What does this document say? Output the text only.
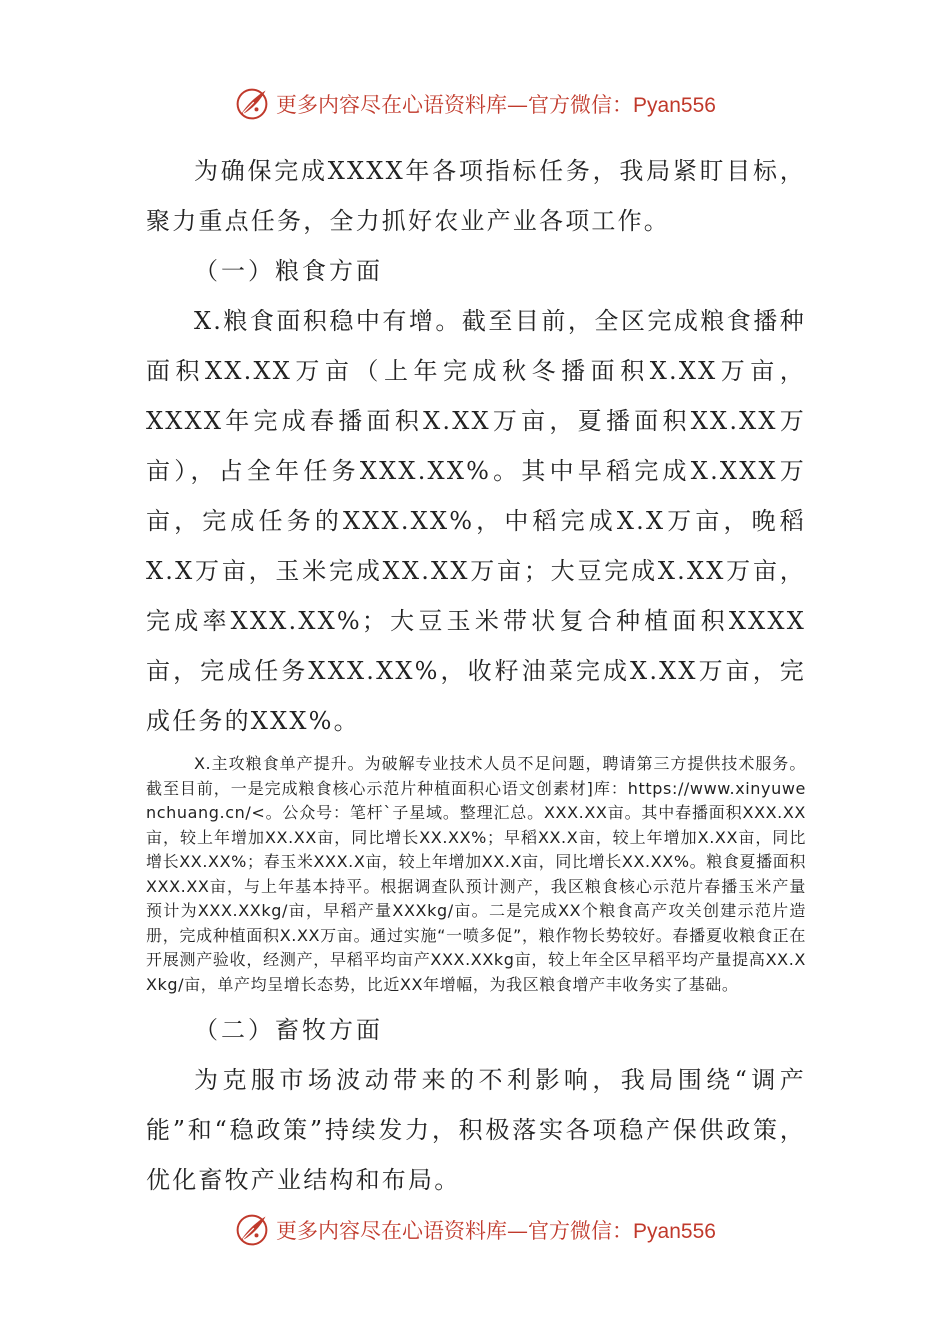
更多内容尽在心语资料库—官方微信：Pyan556

为确保完成XXXX年各项指标任务，我局紧盯目标，聚力重点任务，全力抓好农业产业各项工作。

（一）粮食方面

X.粮食面积稳中有增。截至目前，全区完成粮食播种面积XX.XX万亩（上年完成秋冬播面积X.XX万亩，XXXX年完成春播面积X.XX万亩，夏播面积XX.XX万亩），占全年任务XXX.XX%。其中早稻完成X.XXX万亩，完成任务的XXX.XX%，中稻完成X.X万亩，晚稻X.X万亩，玉米完成XX.XX万亩；大豆完成X.XX万亩，完成率XXX.XX%；大豆玉米带状复合种植面积XXXX亩，完成任务XXX.XX%，收籽油菜完成X.XX万亩，完成任务的XXX%。

X.主攻粮食单产提升。为破解专业技术人员不足问题，聘请第三方提供技术服务。截至目前，一是完成粮食核心示范片种植面积心语文创素材]库：https://www.xinyuwenchuang.cn/<。公众号：笔杆`子星域。整理汇总。XXX.XX亩。其中春播面积XXX.XX亩，较上年增加XX.XX亩，同比增长XX.XX%；早稻XX.X亩，较上年增加X.XX亩，同比增长XX.XX%；春玉米XXX.X亩，较上年增加XX.X亩，同比增长XX.XX%。粮食夏播面积XXX.XX亩，与上年基本持平。根据调查队预计测产，我区粮食核心示范片春播玉米产量预计为XXX.XXkg/亩，早稻产量XXXkg/亩。二是完成XX个粮食高产攻关创建示范片造册，完成种植面积X.XX万亩。通过实施“一喷多促”，粮作物长势较好。春播夏收粮食正在开展测产验收，经测产，早稻平均亩产XXX.XXkg亩，较上年全区早稻平均产量提高XX.XXkg/亩，单产均呈增长态势，比近XX年增幅，为我区粮食增产丰收务实了基础。

（二）畜牧方面

为克服市场波动带来的不利影响，我局围绕“调产能”和“稳政策”持续发力，积极落实各项稳产保供政策，优化畜牧产业结构和布局。

更多内容尽在心语资料库—官方微信：Pyan556
